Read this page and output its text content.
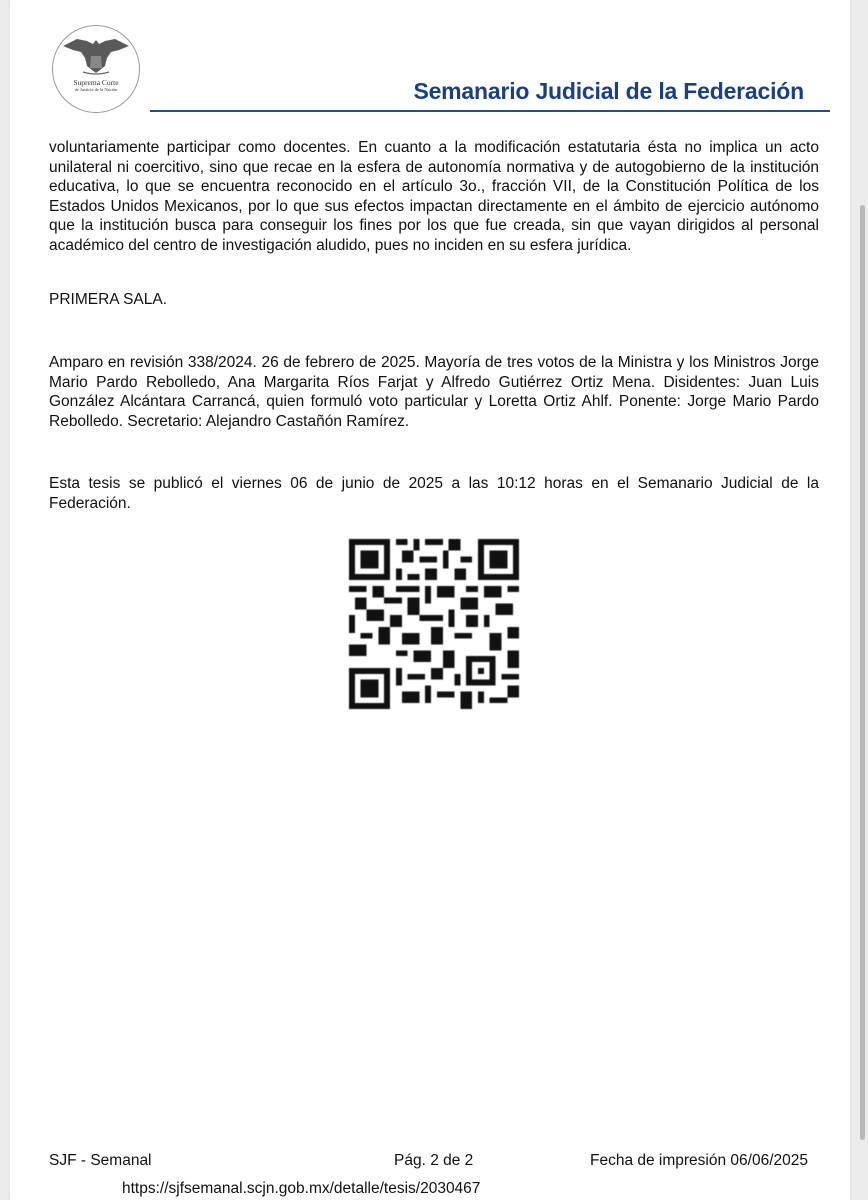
Suprema Corte
de Justicia de la Nación	Semanario Judicial de la Federación
voluntariamente participar como docentes. En cuanto a la modificación estatutaria ésta no implica un acto unilateral ni coercitivo, sino que recae en la esfera de autonomía normativa y de autogobierno de la institución educativa, lo que se encuentra reconocido en el artículo 3o., fracción VII, de la Constitución Política de los Estados Unidos Mexicanos, por lo que sus efectos impactan directamente en el ámbito de ejercicio autónomo que la institución busca para conseguir los fines por los que fue creada, sin que vayan dirigidos al personal académico del centro de investigación aludido, pues no inciden en su esfera jurídica.
PRIMERA SALA.
Amparo en revisión 338/2024. 26 de febrero de 2025. Mayoría de tres votos de la Ministra y los Ministros Jorge Mario Pardo Rebolledo, Ana Margarita Ríos Farjat y Alfredo Gutiérrez Ortiz Mena. Disidentes: Juan Luis González Alcántara Carrancá, quien formuló voto particular y Loretta Ortiz Ahlf. Ponente: Jorge Mario Pardo Rebolledo. Secretario: Alejandro Castañón Ramírez.
Esta tesis se publicó el viernes 06 de junio de 2025 a las 10:12 horas en el Semanario Judicial de la Federación.
SJF - Semanal	Pág. 2 de 2	Fecha de impresión 06/06/2025
https://sjfsemanal.scjn.gob.mx/detalle/tesis/2030467
